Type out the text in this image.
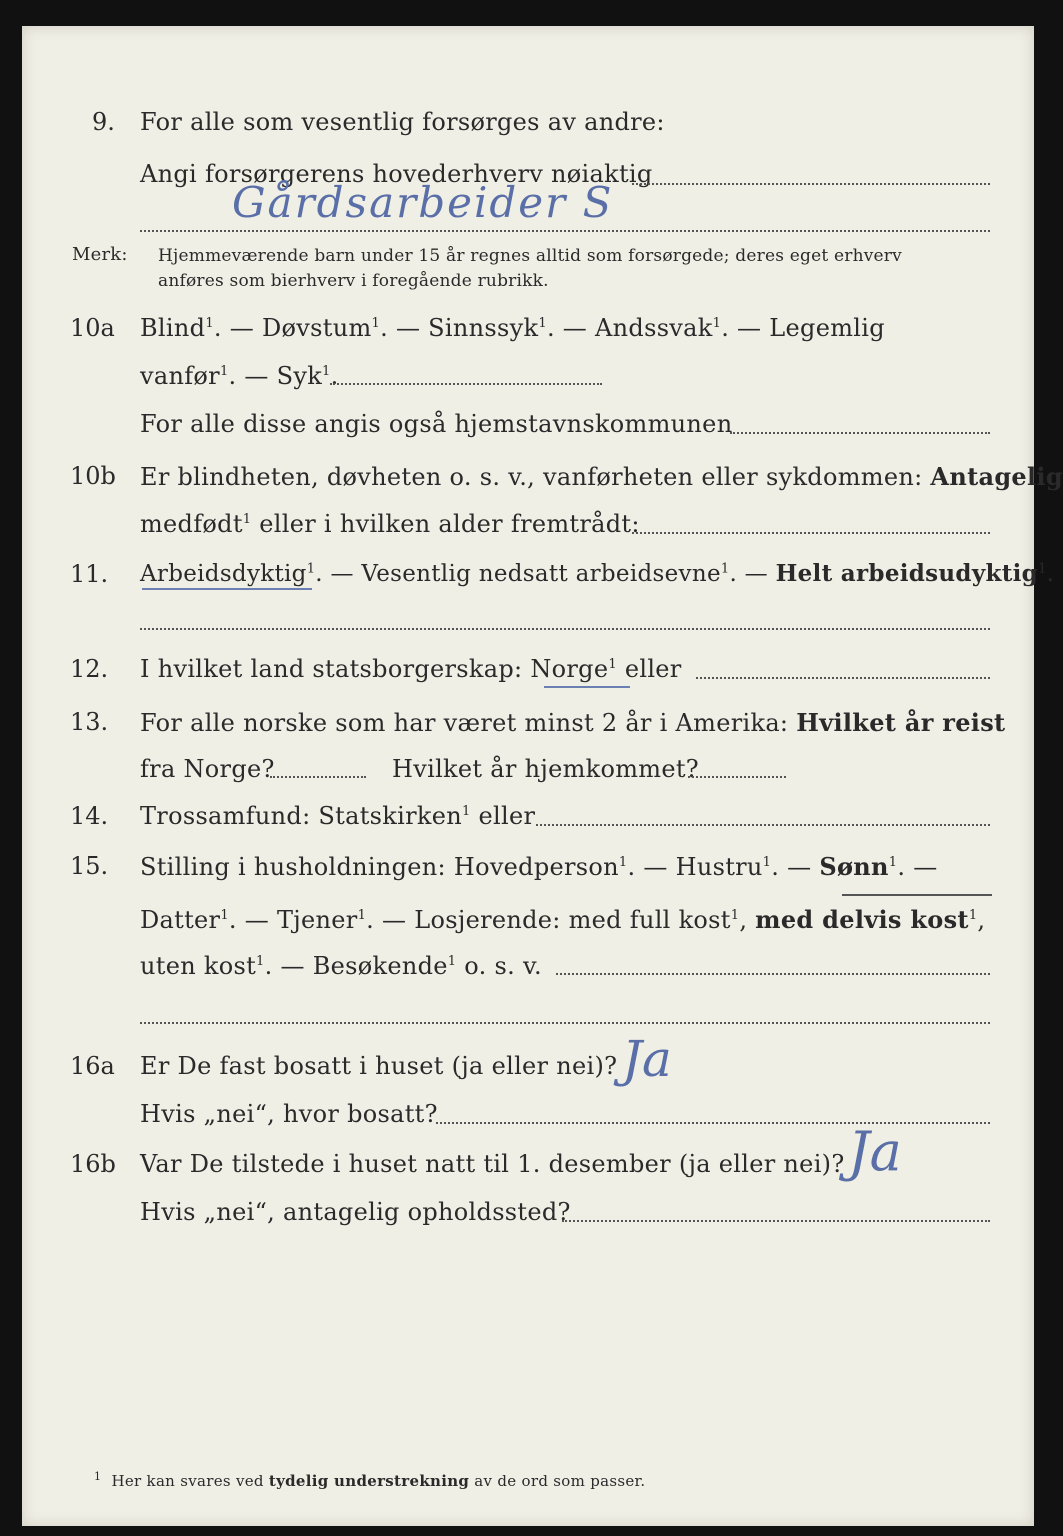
9. For alle som vesentlig forsørges av andre:
Angi forsørgerens hovederhverv nøiaktig
Gårdsarbeider S
Merk: Hjemmeværende barn under 15 år regnes alltid som forsørgede; deres eget erhverv
anføres som bierhverv i foregående rubrikk.
10a Blind$^1$. — Døvstum$^1$. — Sinnssyk$^1$. — Andssvak$^1$. — Legemlig
vanfør$^1$. — Syk$^1$.
For alle disse angis også hjemstavnskommunen
10b Er blindheten, døvheten o. s. v., vanførheten eller sykdommen: Antagelig
medfødt$^1$ eller i hvilken alder fremtrådt:
11. Arbeidsdyktig$^1$. — Vesentlig nedsatt arbeidsevne$^1$. — Helt arbeidsudyktig$^1$.
12. I hvilket land statsborgerskap: Norge$^1$ eller
13. For alle norske som har været minst 2 år i Amerika: Hvilket år reist
fra Norge?	Hvilket år hjemkommet?
14. Trossamfund: Statskirken$^1$ eller
15. Stilling i husholdningen: Hovedperson$^1$. — Hustru$^1$. — Sønn$^1$. —
Datter$^1$. — Tjener$^1$. — Losjerende: med full kost$^1$, med delvis kost$^1$,
uten kost$^1$. — Besøkende$^1$ o. s. v.
16a Er De fast bosatt i huset (ja eller nei)? Ja
Hvis „nei“, hvor bosatt?
16b Var De tilstede i huset natt til 1. desember (ja eller nei)? Ja
Hvis „nei“, antagelig opholdssted?
$^1$ Her kan svares ved tydelig understrekning av de ord som passer.
